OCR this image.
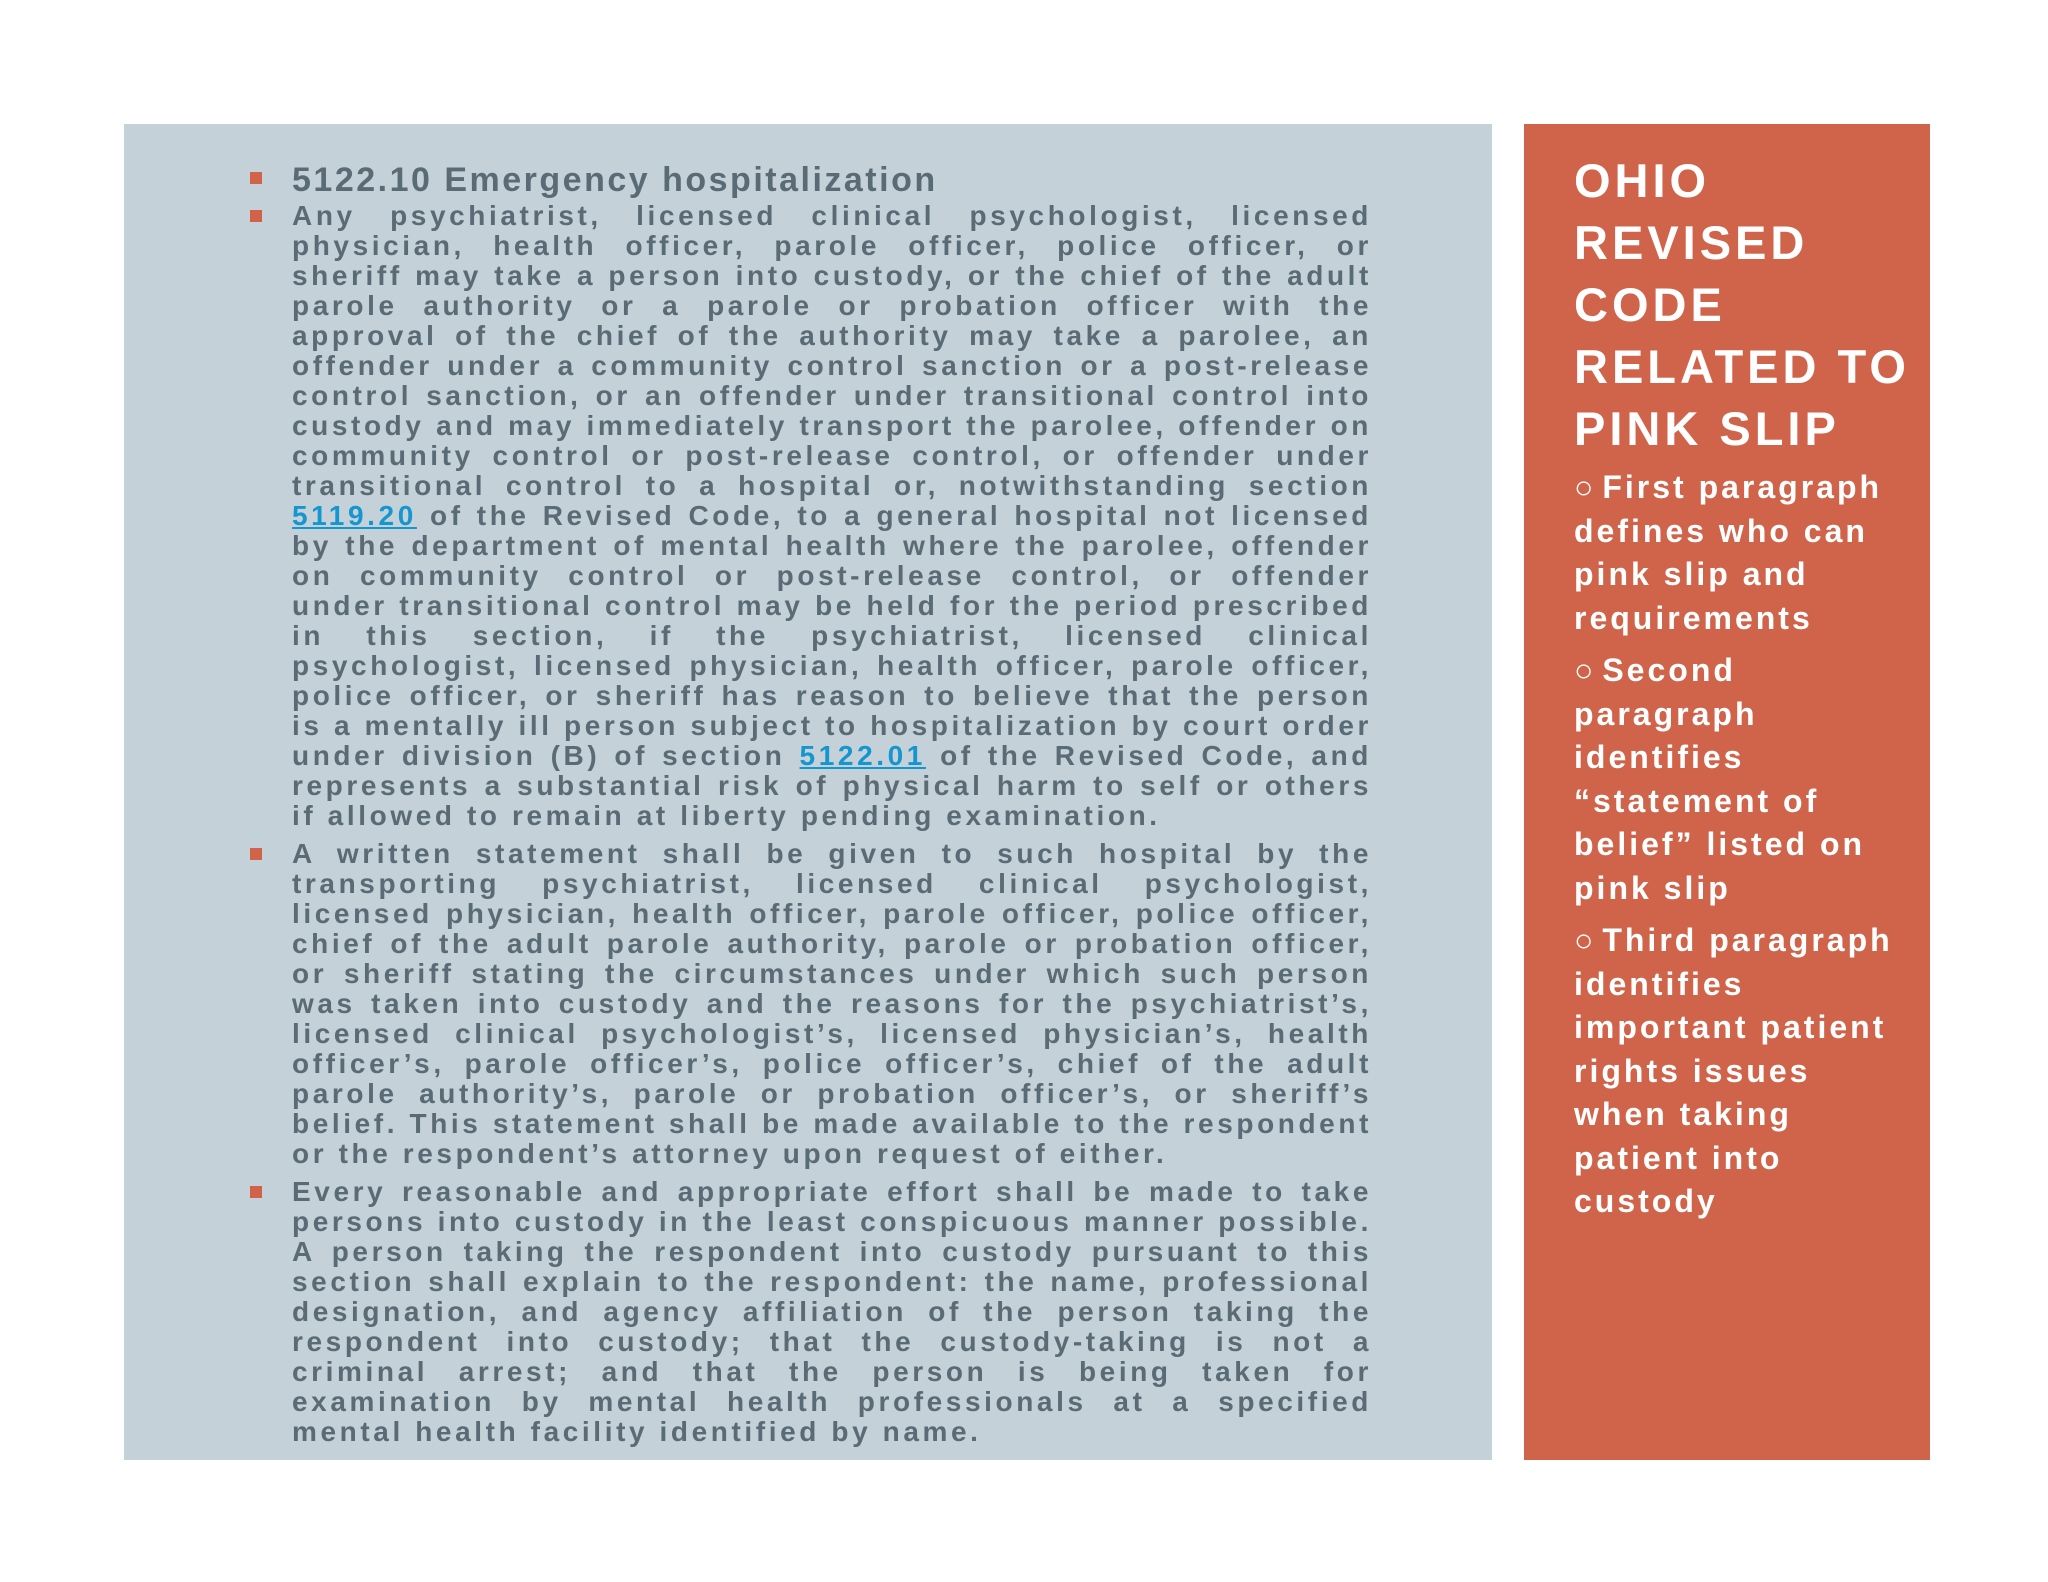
5122.10 Emergency hospitalization
Any psychiatrist, licensed clinical psychologist, licensed physician, health officer, parole officer, police officer, or sheriff may take a person into custody, or the chief of the adult parole authority or a parole or probation officer with the approval of the chief of the authority may take a parolee, an offender under a community control sanction or a post-release control sanction, or an offender under transitional control into custody and may immediately transport the parolee, offender on community control or post-release control, or offender under transitional control to a hospital or, notwithstanding section 5119.20 of the Revised Code, to a general hospital not licensed by the department of mental health where the parolee, offender on community control or post-release control, or offender under transitional control may be held for the period prescribed in this section, if the psychiatrist, licensed clinical psychologist, licensed physician, health officer, parole officer, police officer, or sheriff has reason to believe that the person is a mentally ill person subject to hospitalization by court order under division (B) of section 5122.01 of the Revised Code, and represents a substantial risk of physical harm to self or others if allowed to remain at liberty pending examination.
A written statement shall be given to such hospital by the transporting psychiatrist, licensed clinical psychologist, licensed physician, health officer, parole officer, police officer, chief of the adult parole authority, parole or probation officer, or sheriff stating the circumstances under which such person was taken into custody and the reasons for the psychiatrist’s, licensed clinical psychologist’s, licensed physician’s, health officer’s, parole officer’s, police officer’s, chief of the adult parole authority’s, parole or probation officer’s, or sheriff’s belief. This statement shall be made available to the respondent or the respondent’s attorney upon request of either.
Every reasonable and appropriate effort shall be made to take persons into custody in the least conspicuous manner possible. A person taking the respondent into custody pursuant to this section shall explain to the respondent: the name, professional designation, and agency affiliation of the person taking the respondent into custody; that the custody-taking is not a criminal arrest; and that the person is being taken for examination by mental health professionals at a specified mental health facility identified by name.
OHIO REVISED CODE RELATED TO PINK SLIP
○ First paragraph defines who can pink slip and requirements
○ Second paragraph identifies “statement of belief” listed on pink slip
○ Third paragraph identifies important patient rights issues when taking patient into custody
